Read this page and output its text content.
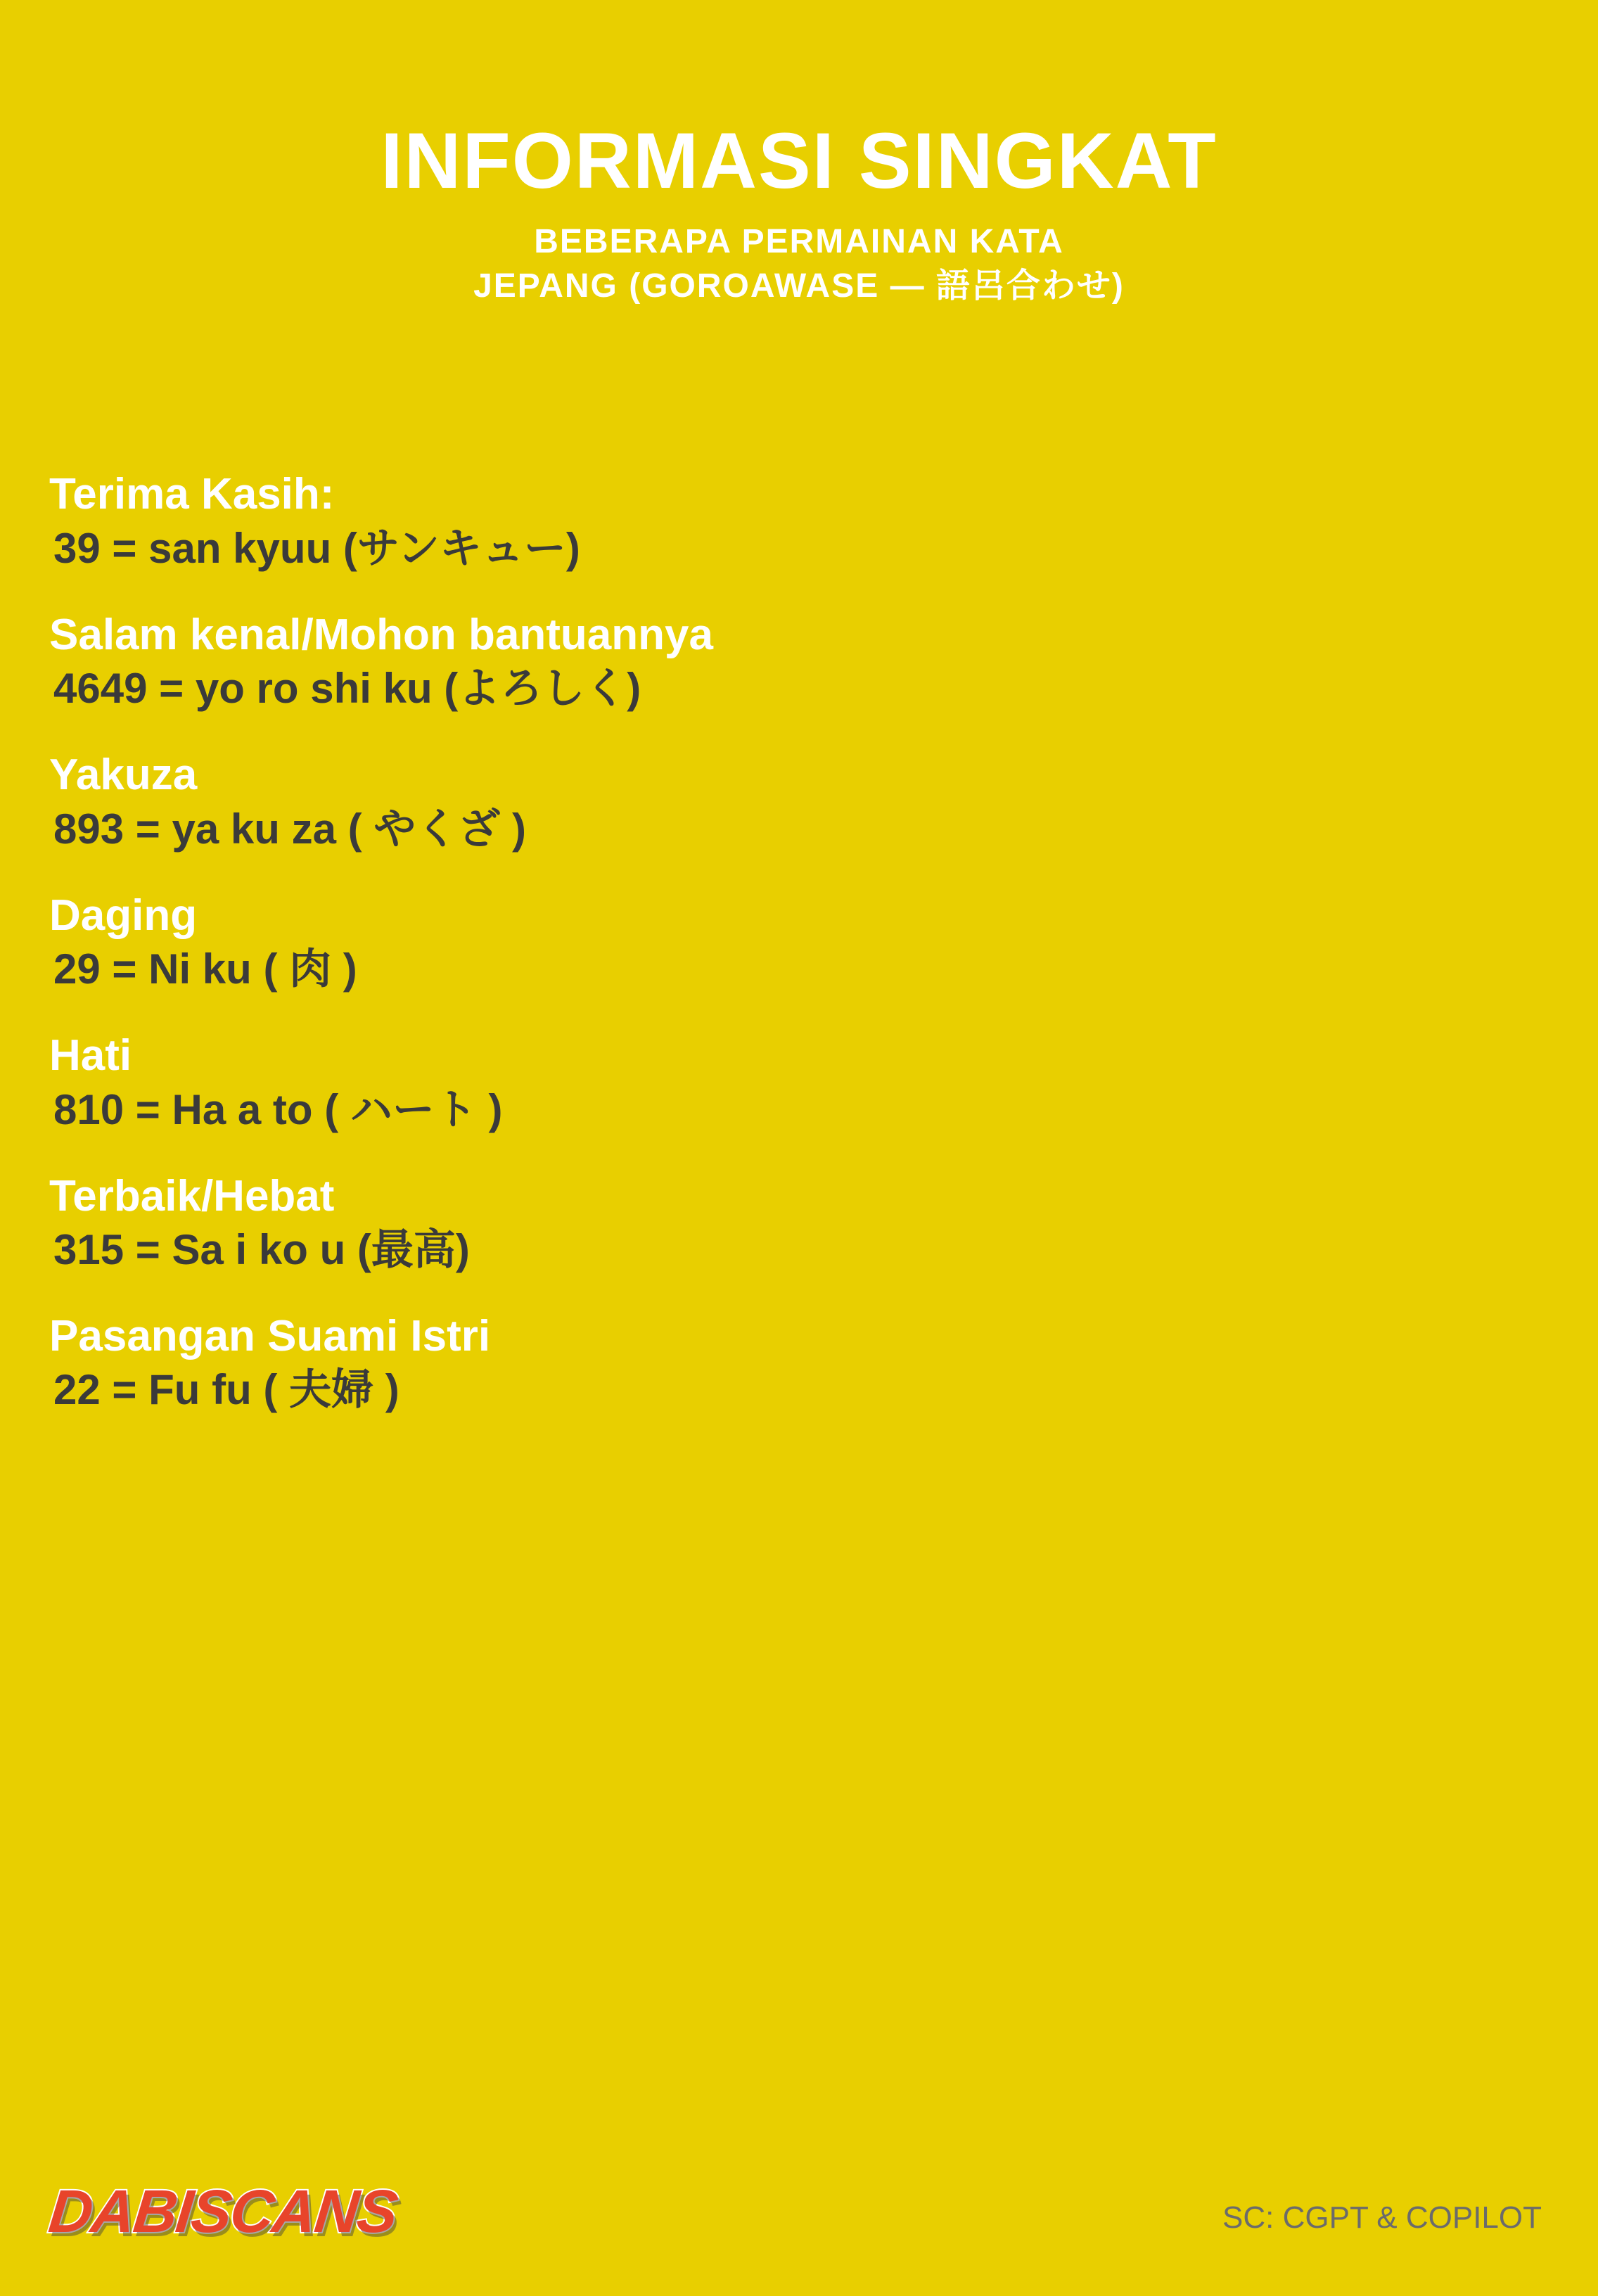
INFORMASI SINGKAT
BEBERAPA PERMAINAN KATA
JEPANG (GOROAWASE — 語呂合わせ)

Terima Kasih:

39 = san kyuu (サンキュー)

Salam kenal/Mohon bantuannya

4649 = yo ro shi ku (よろしく)

Yakuza

893 = ya ku za ( やくざ )

Daging

29 = Ni ku ( 肉 )

Hati

810 = Ha a to ( ハート )

Terbaik/Hebat

315 = Sa i ko u (最高)

Pasangan Suami Istri

22 = Fu fu ( 夫婦 )

DABISCANS	SC: CGPT & COPILOT
